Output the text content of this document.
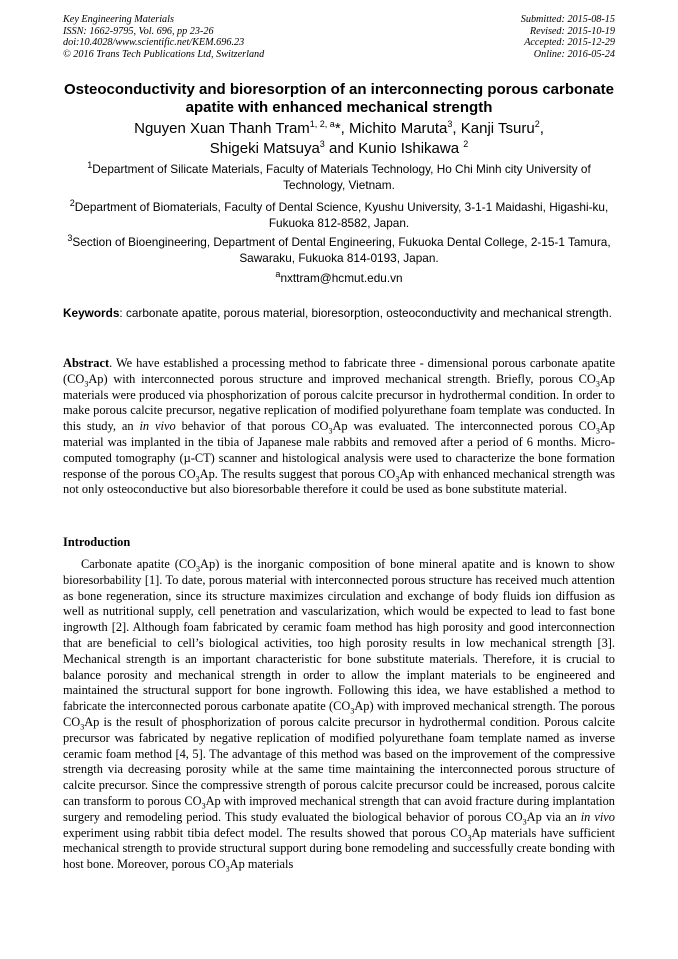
Key Engineering Materials
ISSN: 1662-9795, Vol. 696, pp 23-26
doi:10.4028/www.scientific.net/KEM.696.23
© 2016 Trans Tech Publications Ltd, Switzerland
Submitted: 2015-08-15
Revised: 2015-10-19
Accepted: 2015-12-29
Online: 2016-05-24
Osteoconductivity and bioresorption of an interconnecting porous carbonate apatite with enhanced mechanical strength
Nguyen Xuan Thanh Tram$^{1, 2, a}$*, Michito Maruta$^3$, Kanji Tsuru$^2$,
Shigeki Matsuya$^3$ and Kunio Ishikawa $^2$
$^1$Department of Silicate Materials, Faculty of Materials Technology, Ho Chi Minh city University of Technology, Vietnam.
$^2$Department of Biomaterials, Faculty of Dental Science, Kyushu University, 3-1-1 Maidashi, Higashi-ku, Fukuoka 812-8582, Japan.
$^3$Section of Bioengineering, Department of Dental Engineering, Fukuoka Dental College, 2-15-1 Tamura, Sawaraku, Fukuoka 814-0193, Japan.
$^a$nxttram@hcmut.edu.vn
Keywords: carbonate apatite, porous material, bioresorption, osteoconductivity and mechanical strength.
Abstract. We have established a processing method to fabricate three - dimensional porous carbonate apatite $(CO_3Ap)$ with interconnected porous structure and improved mechanical strength. Briefly, porous $CO_3Ap$ materials were produced via phosphorization of porous calcite precursor in hydrothermal condition. In order to make porous calcite precursor, negative replication of modified polyurethane foam template was conducted. In this study, an in vivo behavior of that porous $CO_3Ap$ was evaluated. The interconnected porous $CO_3Ap$ material was implanted in the tibia of Japanese male rabbits and removed after a period of 6 months. Micro-computed tomography (µ-CT) scanner and histological analysis were used to characterize the bone formation response of the porous $CO_3Ap$. The results suggest that porous $CO_3Ap$ with enhanced mechanical strength was not only osteoconductive but also bioresorbable therefore it could be used as bone substitute material.
Introduction
Carbonate apatite $(CO_3Ap)$ is the inorganic composition of bone mineral apatite and is known to show bioresorbability [1]. To date, porous material with interconnected porous structure has received much attention as bone regeneration, since its structure maximizes circulation and exchange of body fluids ion diffusion as well as nutritional supply, cell penetration and vascularization, which would be expected to lead to fast bone ingrowth [2]. Although foam fabricated by ceramic foam method has high porosity and good interconnection that are beneficial to cell’s biological activities, too high porosity results in low mechanical strength [3]. Mechanical strength is an important characteristic for bone substitute materials. Therefore, it is crucial to balance porosity and mechanical strength in order to allow the implant materials to be engineered and maintained the structural support for bone ingrowth. Following this idea, we have established a method to fabricate the interconnected porous carbonate apatite $(CO_3Ap)$ with improved mechanical strength. The porous $CO_3Ap$ is the result of phosphorization of porous calcite precursor in hydrothermal condition. Porous calcite precursor was fabricated by negative replication of modified polyurethane foam template named as inverse ceramic foam method [4, 5]. The advantage of this method was based on the improvement of the compressive strength via decreasing porosity while at the same time maintaining the interconnected porous structure of calcite precursor. Since the compressive strength of porous calcite precursor could be increased, porous calcite can transform to porous $CO_3Ap$ with improved mechanical strength that can avoid fracture during implantation surgery and remodeling period. This study evaluated the biological behavior of porous $CO_3Ap$ via an in vivo experiment using rabbit tibia defect model. The results showed that porous $CO_3Ap$ materials have sufficient mechanical strength to provide structural support during bone remodeling and successfully create bonding with host bone. Moreover, porous $CO_3Ap$ materials
